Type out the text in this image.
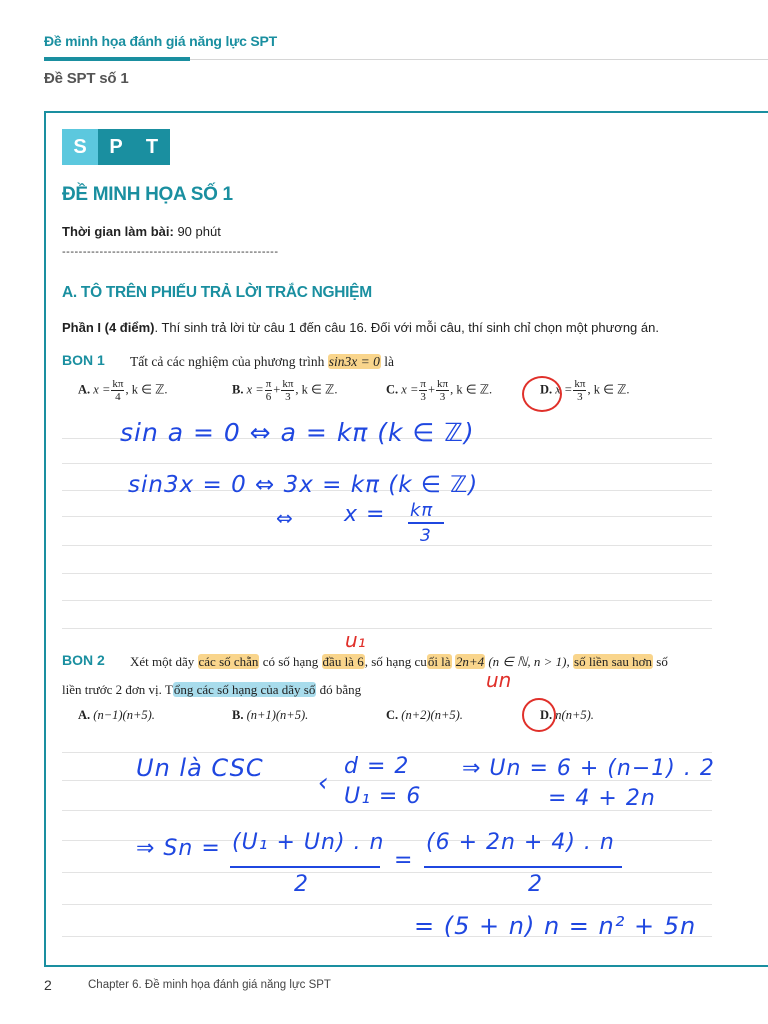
Đề minh họa đánh giá năng lực SPT
Đề SPT số 1
S	P	T
ĐỀ MINH HỌA SỐ 1
Thời gian làm bài: 90 phút
----------------------------------------------------
A. TÔ TRÊN PHIẾU TRẢ LỜI TRẮC NGHIỆM
Phần I (4 điểm). Thí sinh trả lời từ câu 1 đến câu 16. Đối với mỗi câu, thí sinh chỉ chọn một phương án.
BON 1 Tất cả các nghiệm của phương trình sin3x = 0 là
A. $x = \frac{k\pi}{4}$ , k ∈ ℤ.	B. $x = \frac{\pi}{6} + \frac{k\pi}{3}$ , k ∈ ℤ.	C. $x = \frac{\pi}{3} + \frac{k\pi}{3}$ , k ∈ ℤ.	D. $x = \frac{k\pi}{3}$ , k ∈ ℤ.
sin a = 0 ⇔ a = kπ (k ∈ ℤ)
sin3x = 0 ⇔ 3x = kπ (k ∈ ℤ)
⇔ x = kπ
3
u₁
un
BON 2 Xét một dãy các số chẵn có số hạng đầu là 6, số hạng cuối là 2n+4 (n ∈ ℕ, n > 1), số liền sau hơn số
liền trước 2 đơn vị. Tổng các số hạng của dãy số đó bằng
A. (n−1)(n+5).	B. (n+1)(n+5).	C. (n+2)(n+5).	D. n(n+5).
Un là CSC ‹
d = 2
U₁ = 6
⇒ Un = 6 + (n−1) . 2
= 4 + 2n
⇒ Sn = (U₁ + Un) . n
2
=
(6 + 2n + 4) . n
2
= (5 + n) n = n² + 5n
2	Chapter 6. Đề minh họa đánh giá năng lực SPT
